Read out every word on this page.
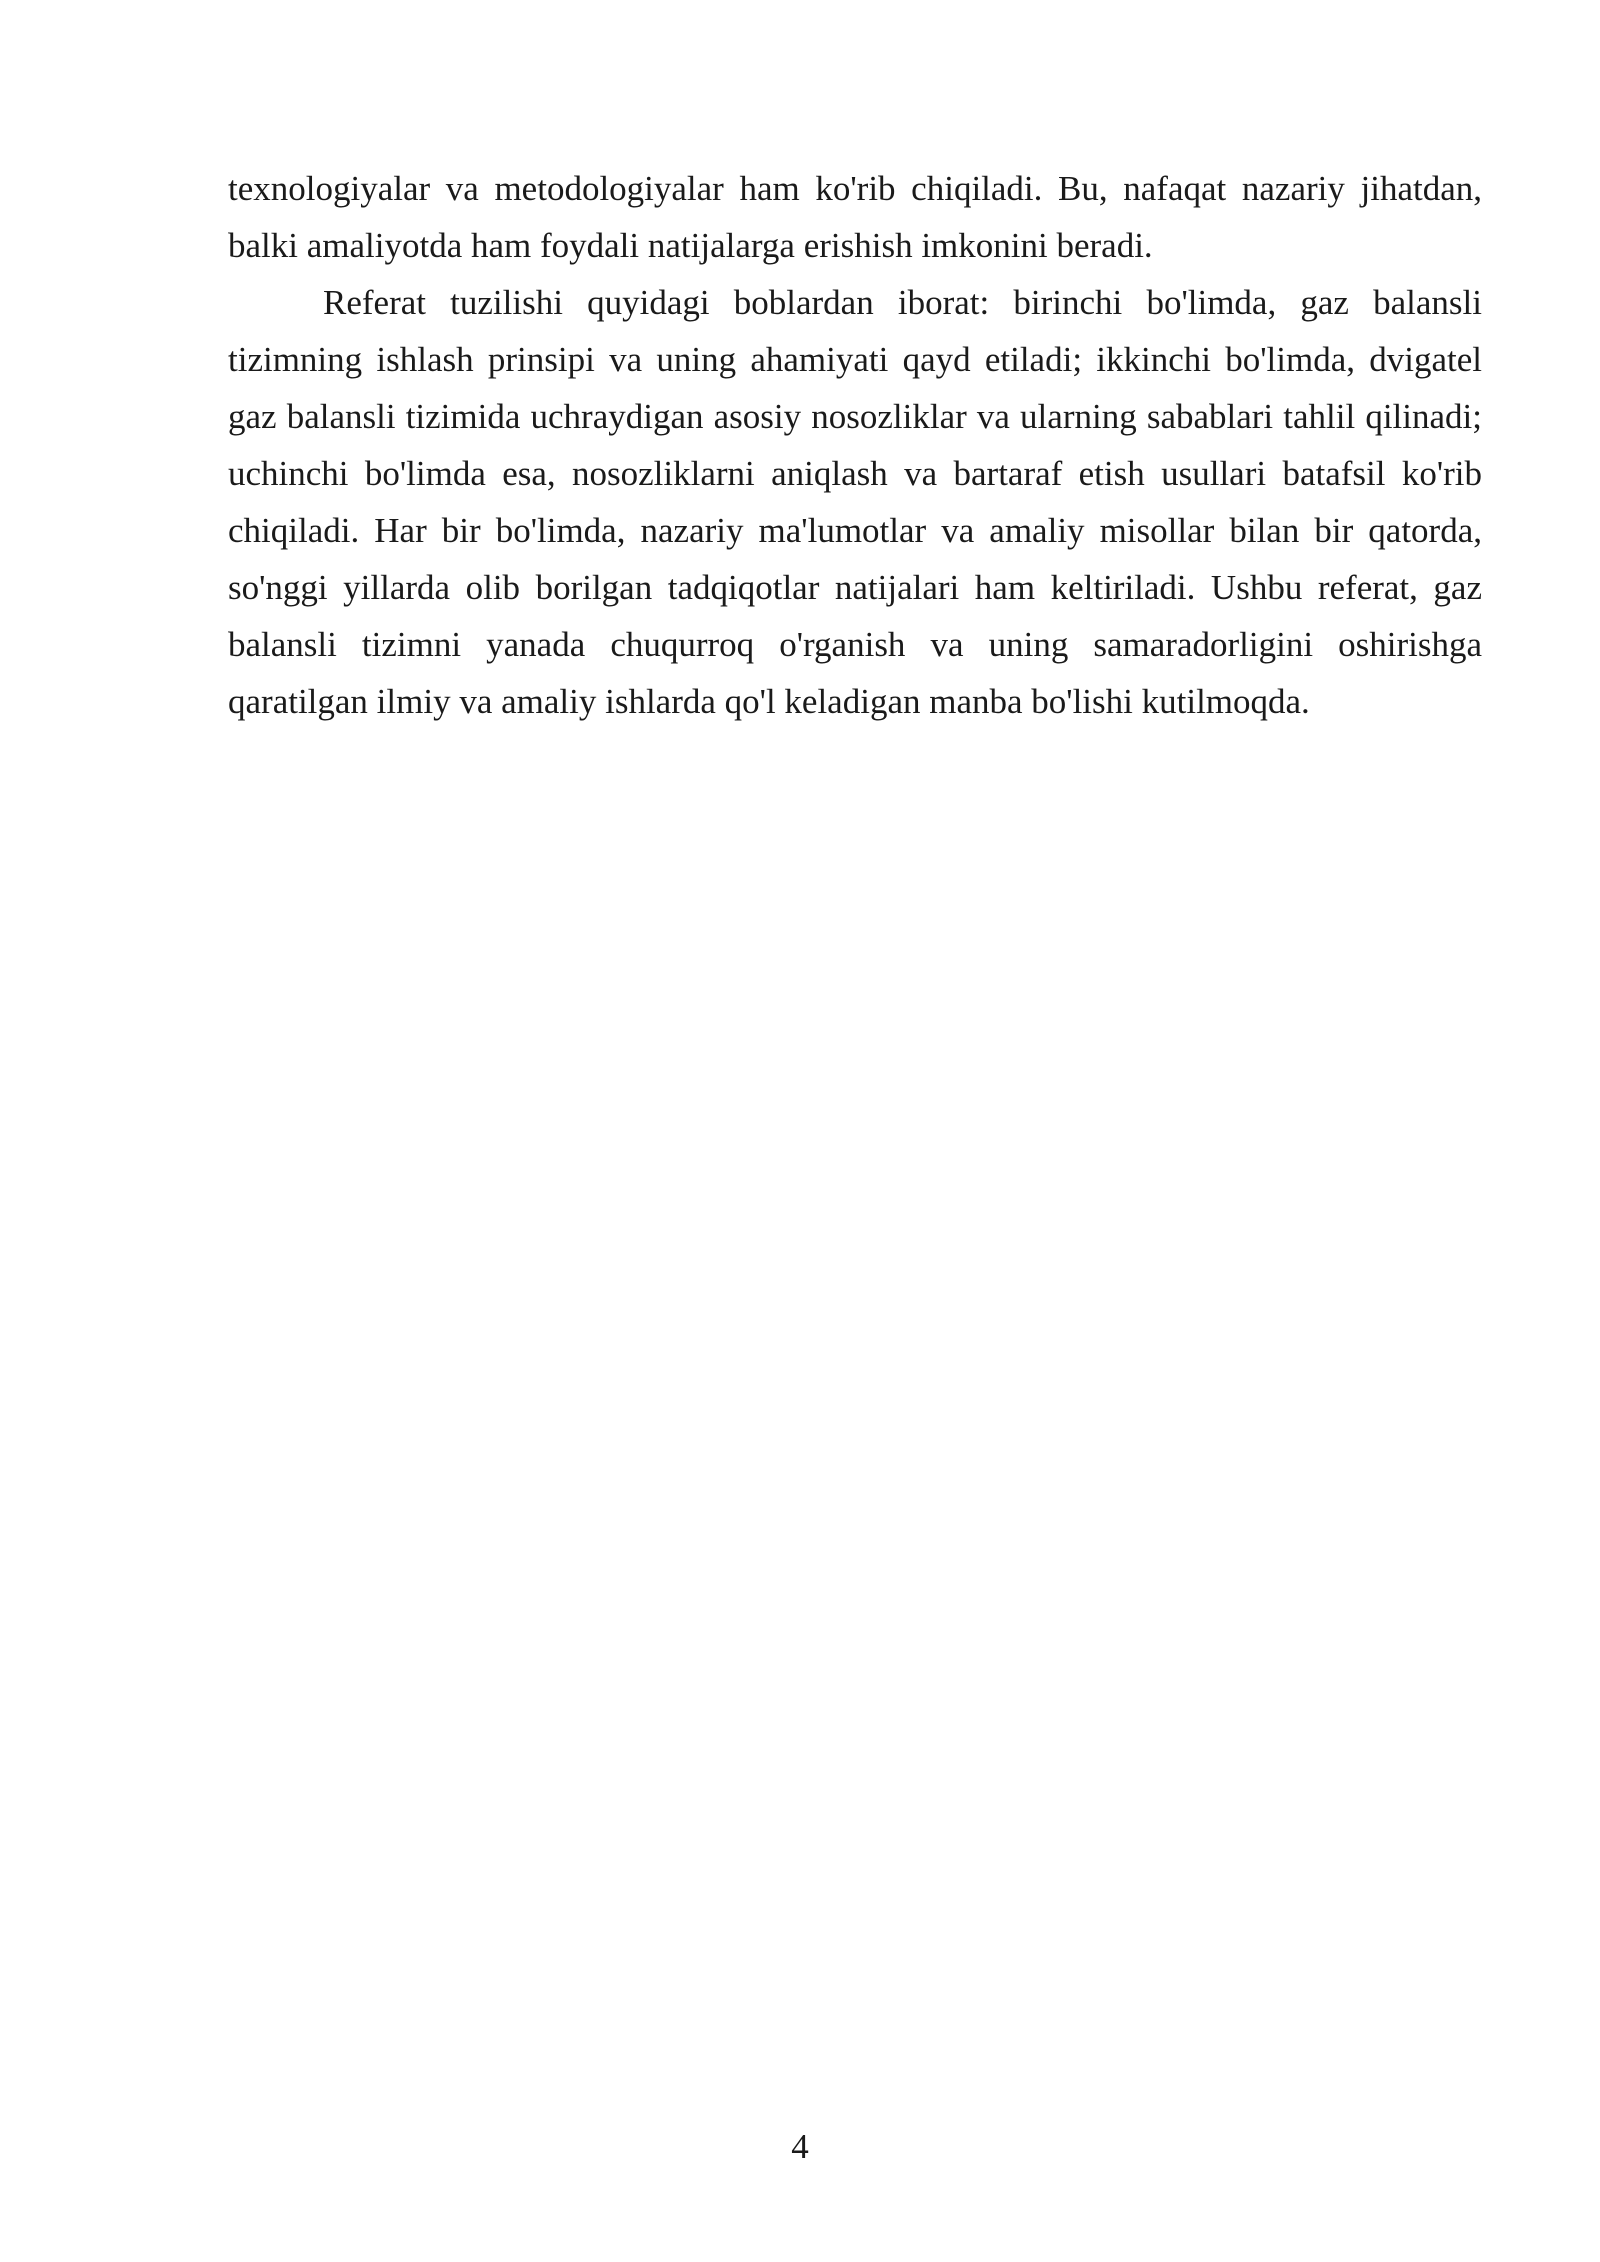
texnologiyalar va metodologiyalar ham ko'rib chiqiladi. Bu, nafaqat nazariy jihatdan, balki amaliyotda ham foydali natijalarga erishish imkonini beradi.

Referat tuzilishi quyidagi boblardan iborat: birinchi bo'limda, gaz balansli tizimning ishlash prinsipi va uning ahamiyati qayd etiladi; ikkinchi bo'limda, dvigatel gaz balansli tizimida uchraydigan asosiy nosozliklar va ularning sabablari tahlil qilinadi; uchinchi bo'limda esa, nosozliklarni aniqlash va bartaraf etish usullari batafsil ko'rib chiqiladi. Har bir bo'limda, nazariy ma'lumotlar va amaliy misollar bilan bir qatorda, so'nggi yillarda olib borilgan tadqiqotlar natijalari ham keltiriladi. Ushbu referat, gaz balansli tizimni yanada chuqurroq o'rganish va uning samaradorligini oshirishga qaratilgan ilmiy va amaliy ishlarda qo'l keladigan manba bo'lishi kutilmoqda.

4
